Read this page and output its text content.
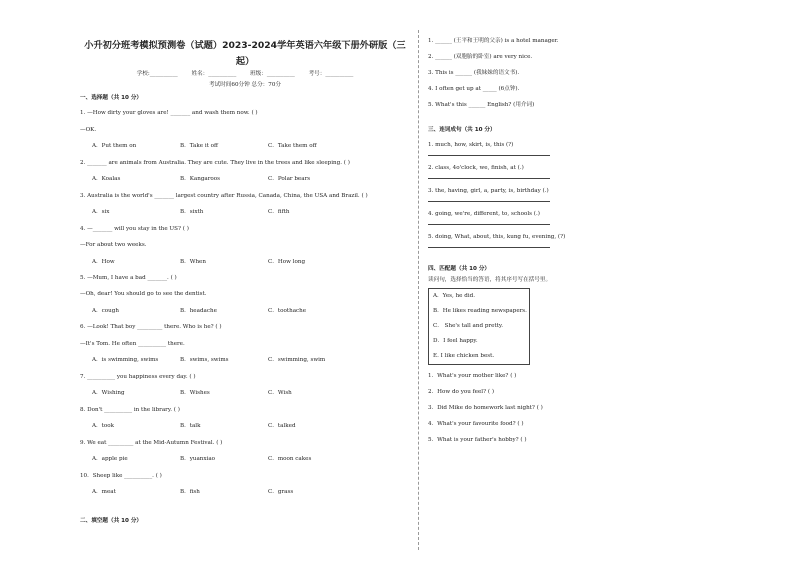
小升初分班考模拟预测卷（试题）2023-2024学年英语六年级下册外研版（三起）
学校:__________ 姓名：__________ 班级：__________ 考号：__________
考试时间60分钟 总分：70分
一、选择题（共 10 分）
1. —How dirty your gloves are! _______ and wash them now. ( )
—OK.
A．Put them on	B．Take it off	C．Take them off
2. _______ are animals from Australia. They are cute. They live in the trees and like sleeping. ( )
A．Koalas	B．Kangaroos	C．Polar bears
3. Australia is the world's _______ largest country after Russia, Canada, China, the USA and Brazil. ( )
A．six	B．sixth	C．fifth
4. —_______ will you stay in the US? ( )
—For about two weeks.
A．How	B．When	C．How long
5. —Mum, I have a bad _______. ( )
—Oh, dear! You should go to see the dentist.
A．cough	B．headache	C．toothache
6. —Look! That boy _________ there. Who is he? ( )
—It's Tom. He often __________ there.
A．is swimming, swims	B．swims, swims	C．swimming, swim
7. __________ you happiness every day. ( )
A．Wishing	B．Wishes	C．Wish
8. Don't __________ in the library. ( )
A．took	B．talk	C．talked
9. We eat _________ at the Mid-Autumn Festival. ( )
A．apple pie	B．yuanxiao	C．moon cakes
10．Sheep like __________. ( )
A．meat	B．fish	C．grass
二、填空题（共 10 分）
1. ______ (王平和王明的父亲) is a hotel manager.
2. ______ (双胞胎的卧室) are very nice.
3. This is ______ (我妹妹的语文书).
4. I often get up at _____ (6点钟).
5. What's this ______ English? (用介词)
三、连词成句（共 10 分）
1. much, how, skirt, is, this (?)
2. class, 4o'clock, we, finish, at (.)
3. the, having, girl, a, party, is, birthday (.)
4. going, we're, different, to, schools (.)
5. doing, What, about, this, kung fu, evening, (?)
四、匹配题（共 10 分）
读问句，选择恰当的答语，将其序号写在括号里。
A．Yes, he did.
B．He likes reading newspapers.
C． She's tall and pretty.
D．I feel happy.
E. I like chicken best.
1．What's your mother like? ( )
2．How do you feel? ( )
3．Did Mike do homework last night? ( )
4．What's your favourite food? ( )
5．What is your father's hobby? ( )
